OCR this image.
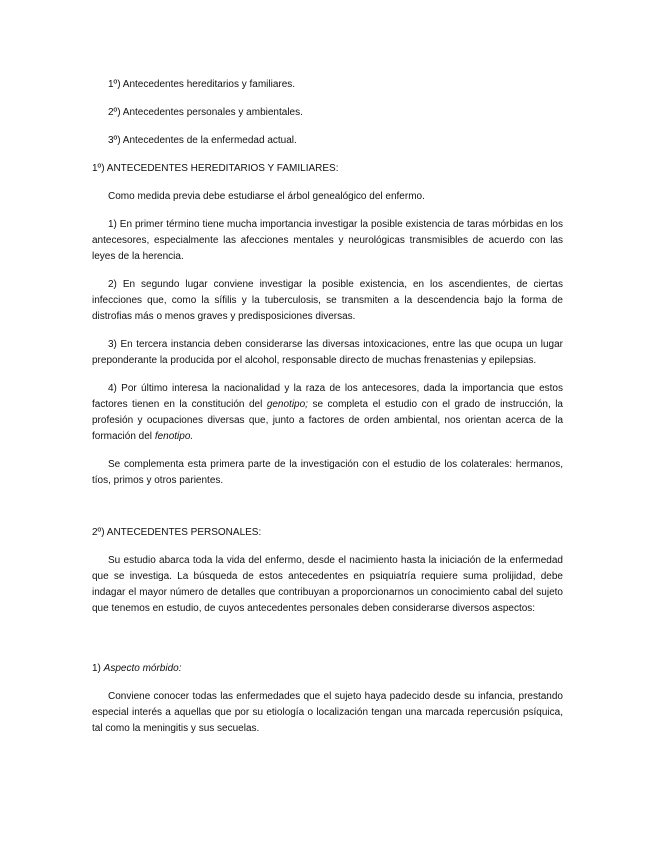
1º) Antecedentes hereditarios y familiares.

2º) Antecedentes personales y ambientales.

3º) Antecedentes de la enfermedad actual.

1º) ANTECEDENTES HEREDITARIOS Y FAMILIARES:

Como medida previa debe estudiarse el árbol genealógico del enfermo.

1) En primer término tiene mucha importancia investigar la posible existencia de taras mórbidas en los antecesores, especialmente las afecciones mentales y neurológicas transmisibles de acuerdo con las leyes de la herencia.

2) En segundo lugar conviene investigar la posible existencia, en los ascendientes, de ciertas infecciones que, como la sífilis y la tuberculosis, se transmiten a la descendencia bajo la forma de distrofias más o menos graves y predisposiciones diversas.

3) En tercera instancia deben considerarse las diversas intoxicaciones, entre las que ocupa un lugar preponderante la producida por el alcohol, responsable directo de muchas frenastenias y epilepsias.

4) Por último interesa la nacionalidad y la raza de los antecesores, dada la importancia que estos factores tienen en la constitución del genotipo; se completa el estudio con el grado de instrucción, la profesión y ocupaciones diversas que, junto a factores de orden ambiental, nos orientan acerca de la formación del fenotipo.

Se complementa esta primera parte de la investigación con el estudio de los colaterales: hermanos, tíos, primos y otros parientes.

2º) ANTECEDENTES PERSONALES:

Su estudio abarca toda la vida del enfermo, desde el nacimiento hasta la iniciación de la enfermedad que se investiga. La búsqueda de estos antecedentes en psiquiatría requiere suma prolijidad, debe indagar el mayor número de detalles que contribuyan a proporcionarnos un conocimiento cabal del sujeto que tenemos en estudio, de cuyos antecedentes personales deben considerarse diversos aspectos:

1) Aspecto mórbido:

Conviene conocer todas las enfermedades que el sujeto haya padecido desde su infancia, prestando especial interés a aquellas que por su etiología o localización tengan una marcada repercusión psíquica, tal como la meningitis y sus secuelas.
